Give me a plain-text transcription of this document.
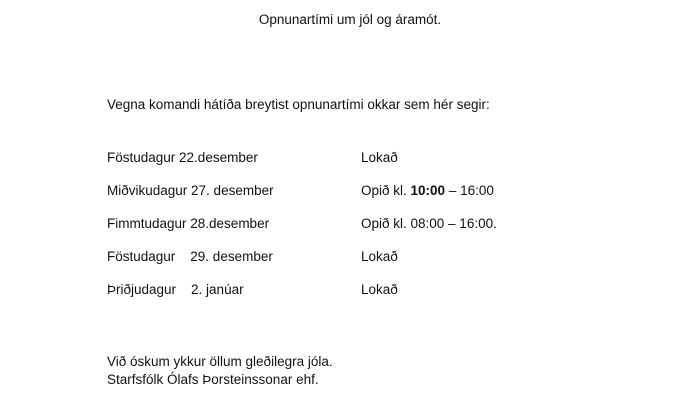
Opnunartími um jól og áramót.
Vegna komandi hátíða breytist opnunartími okkar sem hér segir:
Föstudagur 22.desember	Lokað
Miðvikudagur 27. desember	Opið kl. 10:00 – 16:00
Fimmtudagur 28.desember	Opið kl. 08:00 – 16:00.
Föstudagur    29. desember	Lokað
Þriðjudagur    2. janúar	Lokað
Við óskum ykkur öllum gleðilegra jóla.
Starfsfólk Ólafs Þorsteinssonar ehf.
